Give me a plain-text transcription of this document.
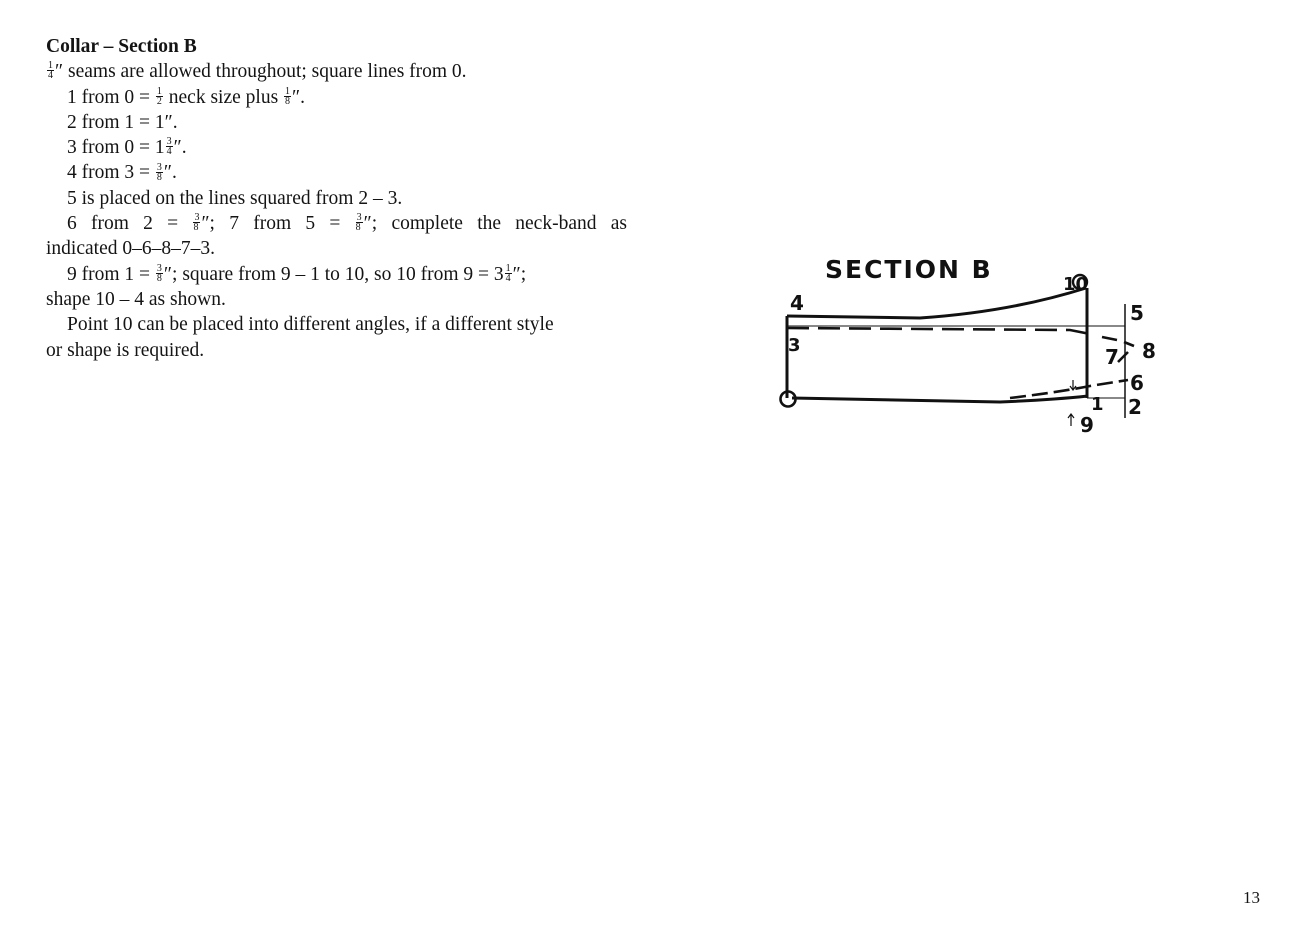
Collar – Section B
$\frac{1}{4}$ ″ seams are allowed throughout; square lines from 0.
1 from $0 = \frac{1}{2}$ neck size plus $\frac{1}{8}$ ″.
2 from 1 = 1″.
3 from $0 = 1 \frac{3}{4}$ ″.
4 from $3 = \frac{3}{8}$ ″.
5 is placed on the lines squared from 2 – 3.
6 from $2 = \frac{3}{8}$ ″; 7 from $5 = \frac{3}{8}$ ″; complete the neck-band as
indicated 0–6–8–7–3.
9 from $1 = \frac{3}{8}$ ″; square from 9 – 1 to 10, so 10 from $9 = 3 \frac{1}{4}$ ″;
shape 10 – 4 as shown.
Point 10 can be placed into different angles, if a different style
or shape is required.
SECTION B
4
3
10
5
7 8
6
1 2
9
13
